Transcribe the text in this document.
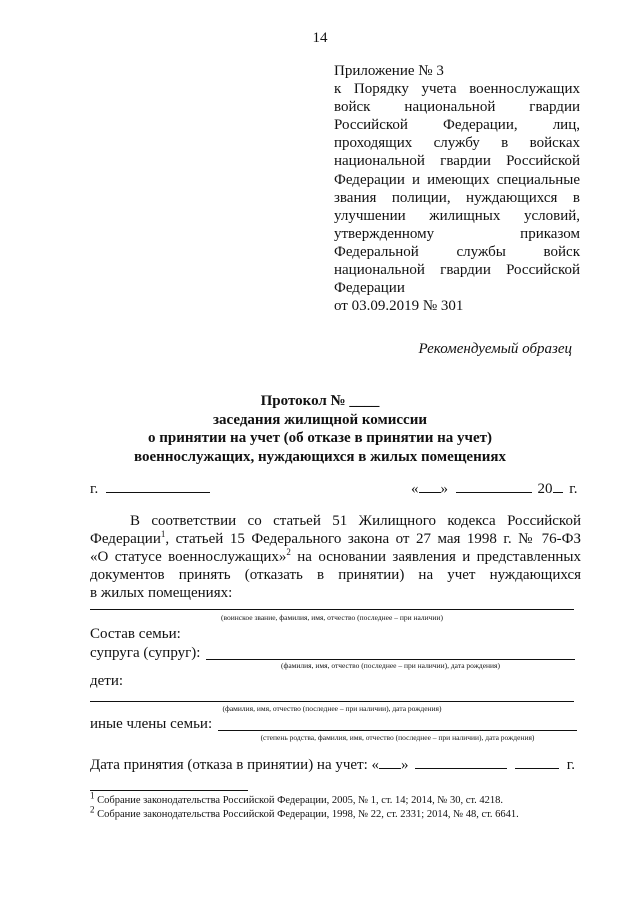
14
Приложение № 3
к Порядку учета военнослужащих
войск национальной гвардии
Российской Федерации, лиц,
проходящих службу в войсках
национальной гвардии Российской
Федерации и имеющих специальные
звания полиции, нуждающихся в
улучшении жилищных условий,
утвержденному приказом
Федеральной службы войск
национальной гвардии Российской
Федерации
от 03.09.2019 № 301
Рекомендуемый образец
Протокол № ____
заседания жилищной комиссии
о принятии на учет (об отказе в принятии на учет)
военнослужащих, нуждающихся в жилых помещениях
г.	« »	20 г.
В соответствии со статьей 51 Жилищного кодекса Российской
Федерации$^1$, статьей 15 Федерального закона от 27 мая 1998 г. № 76-ФЗ
«О статусе военнослужащих»$^2$ на основании заявления и представленных
документов принять (отказать в принятии) на учет нуждающихся
в жилых помещениях:
(воинское звание, фамилия, имя, отчество (последнее – при наличии)
Состав семьи:
супруга (супруг):
(фамилия, имя, отчество (последнее – при наличии), дата рождения)
дети:
(фамилия, имя, отчество (последнее – при наличии), дата рождения)
иные члены семьи:
(степень родства, фамилия, имя, отчество (последнее – при наличии), дата рождения)
Дата принятия (отказа в принятии) на учет: « »	г.
$^1$ Собрание законодательства Российской Федерации, 2005, № 1, ст. 14; 2014, № 30, ст. 4218.
$^2$ Собрание законодательства Российской Федерации, 1998, № 22, ст. 2331; 2014, № 48, ст. 6641.
